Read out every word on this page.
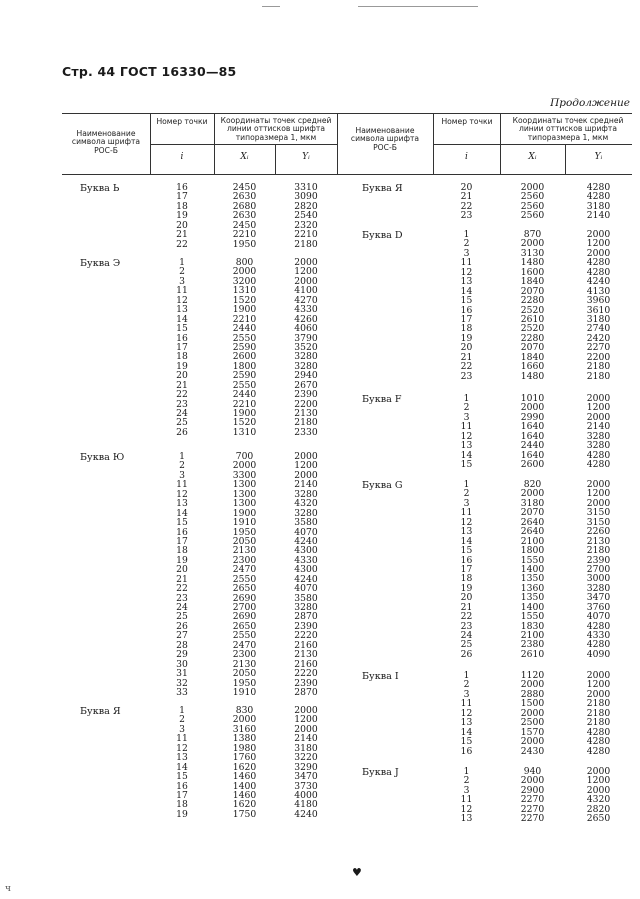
Стр. 44 ГОСТ 16330—85
Продолжение
Наименование символа шрифта РОС-Б
Номер точки	Координаты точек средней линии оттисков шрифта типоразмера 1, мкм
i	Xᵢ	Yᵢ
Наименование символа шрифта РОС-Б
Номер точки	Координаты точек средней линии оттисков шрифта типоразмера 1, мкм
i	Xᵢ	Yᵢ
Буква Ь	16	2450	3310
17	2630	3090
18	2680	2820
19	2630	2540
20	2450	2320
21	2210	2210
22	1950	2180
Буква Э	1	800	2000
2	2000	1200
3	3200	2000
11	1310	4100
12	1520	4270
13	1900	4330
14	2210	4260
15	2440	4060
16	2550	3790
17	2590	3520
18	2600	3280
19	1800	3280
20	2590	2940
21	2550	2670
22	2440	2390
23	2210	2200
24	1900	2130
25	1520	2180
26	1310	2330
Буква Ю	1	700	2000
2	2000	1200
3	3300	2000
11	1300	2140
12	1300	3280
13	1300	4320
14	1900	3280
15	1910	3580
16	1950	4070
17	2050	4240
18	2130	4300
19	2300	4330
20	2470	4300
21	2550	4240
22	2650	4070
23	2690	3580
24	2700	3280
25	2690	2870
26	2650	2390
27	2550	2220
28	2470	2160
29	2300	2130
30	2130	2160
31	2050	2220
32	1950	2390
33	1910	2870
Буква Я	1	830	2000
2	2000	1200
3	3160	2000
11	1380	2140
12	1980	3180
13	1760	3220
14	1620	3290
15	1460	3470
16	1400	3730
17	1460	4000
18	1620	4180
19	1750	4240
Буква Я	20	2000	4280
21	2560	4280
22	2560	3180
23	2560	2140
Буква D	1	870	2000
2	2000	1200
3	3130	2000
11	1480	4280
12	1600	4280
13	1840	4240
14	2070	4130
15	2280	3960
16	2520	3610
17	2610	3180
18	2520	2740
19	2280	2420
20	2070	2270
21	1840	2200
22	1660	2180
23	1480	2180
Буква F	1	1010	2000
2	2000	1200
3	2990	2000
11	1640	2140
12	1640	3280
13	2440	3280
14	1640	4280
15	2600	4280
Буква G	1	820	2000
2	2000	1200
3	3180	2000
11	2070	3150
12	2640	3150
13	2640	2260
14	2100	2130
15	1800	2180
16	1550	2390
17	1400	2700
18	1350	3000
19	1360	3280
20	1350	3470
21	1400	3760
22	1550	4070
23	1830	4280
24	2100	4330
25	2380	4280
26	2610	4090
Буква I	1	1120	2000
2	2000	1200
3	2880	2000
11	1500	2180
12	2000	2180
13	2500	2180
14	1570	4280
15	2000	4280
16	2430	4280
Буква J	1	940	2000
2	2000	1200
3	2900	2000
11	2270	4320
12	2270	2820
13	2270	2650
♥
ч
